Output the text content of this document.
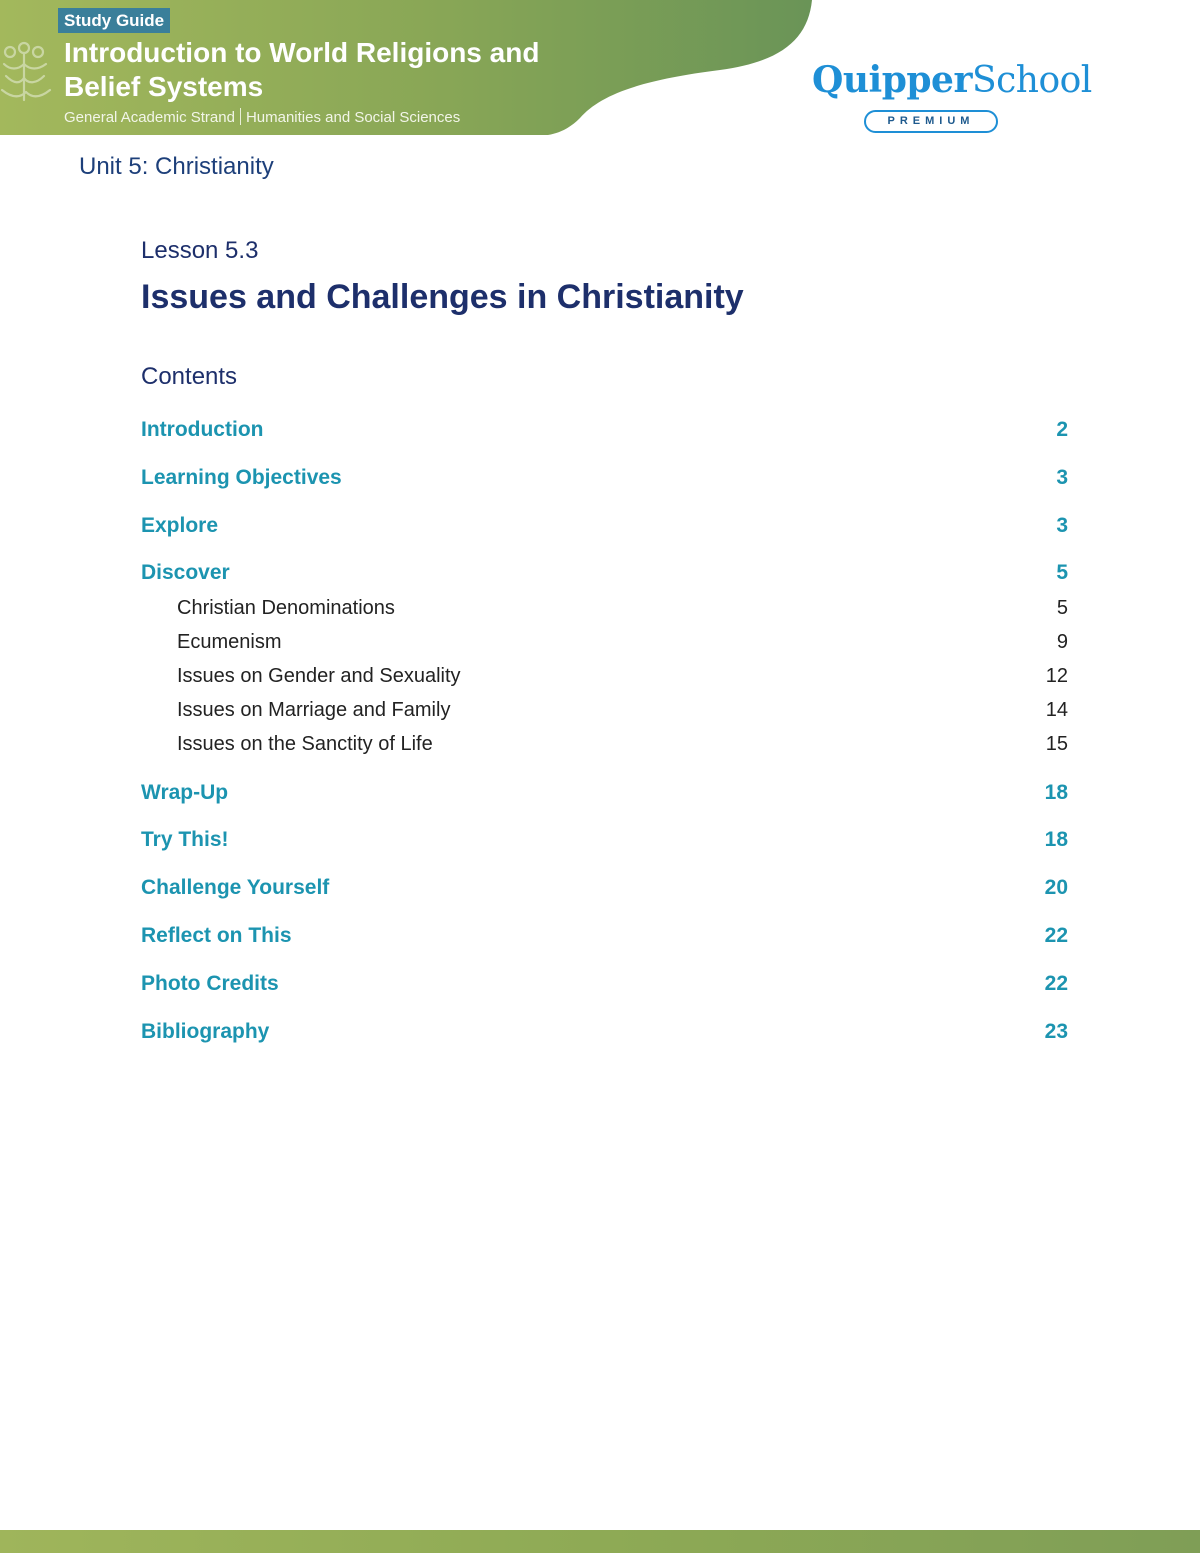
Study Guide
Introduction to World Religions and Belief Systems
General Academic Strand Humanities and Social Sciences
QuipperSchool
PREMIUM
Unit 5: Christianity
Lesson 5.3
Issues and Challenges in Christianity
Contents
Introduction	2
Learning Objectives	3
Explore	3
Discover	5
Christian Denominations	5
Ecumenism	9
Issues on Gender and Sexuality	12
Issues on Marriage and Family	14
Issues on the Sanctity of Life	15
Wrap-Up	18
Try This!	18
Challenge Yourself	20
Reflect on This	22
Photo Credits	22
Bibliography	23
